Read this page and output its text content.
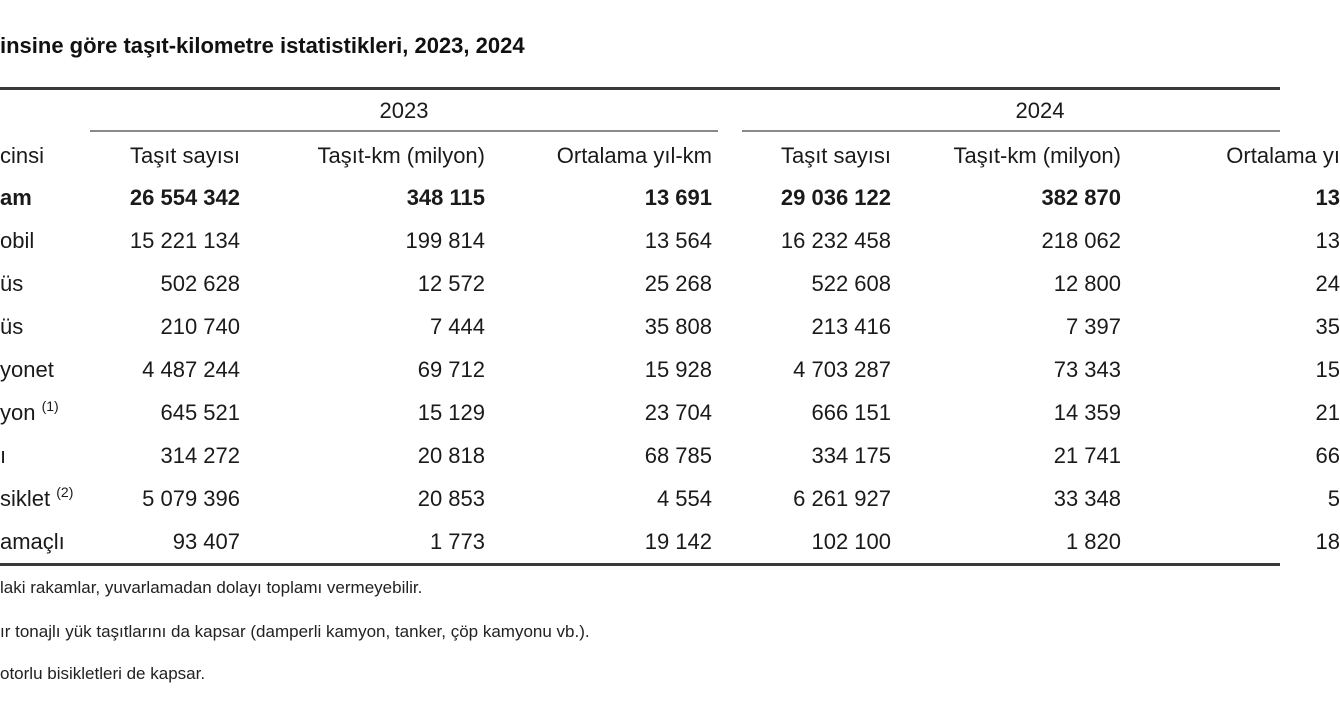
insine göre taşıt-kilometre istatistikleri, 2023, 2024
2023	2024
cinsi	Taşıt sayısı	Taşıt-km (milyon)	Ortalama yıl-km	Taşıt sayısı	Taşıt-km (milyon)	Ortalama yı
am	26 554 342	348 115	13 691	29 036 122	382 870	13
obil	15 221 134	199 814	13 564	16 232 458	218 062	13
üs	502 628	12 572	25 268	522 608	12 800	24
üs	210 740	7 444	35 808	213 416	7 397	35
yonet	4 487 244	69 712	15 928	4 703 287	73 343	15
yon $^{(1)}$	645 521	15 129	23 704	666 151	14 359	21
ı	314 272	20 818	68 785	334 175	21 741	66
siklet $^{(2)}$	5 079 396	20 853	4 554	6 261 927	33 348	5
amaçlı	93 407	1 773	19 142	102 100	1 820	18
laki rakamlar, yuvarlamadan dolayı toplamı vermeyebilir.
ır tonajlı yük taşıtlarını da kapsar (damperli kamyon, tanker, çöp kamyonu vb.).
otorlu bisikletleri de kapsar.
